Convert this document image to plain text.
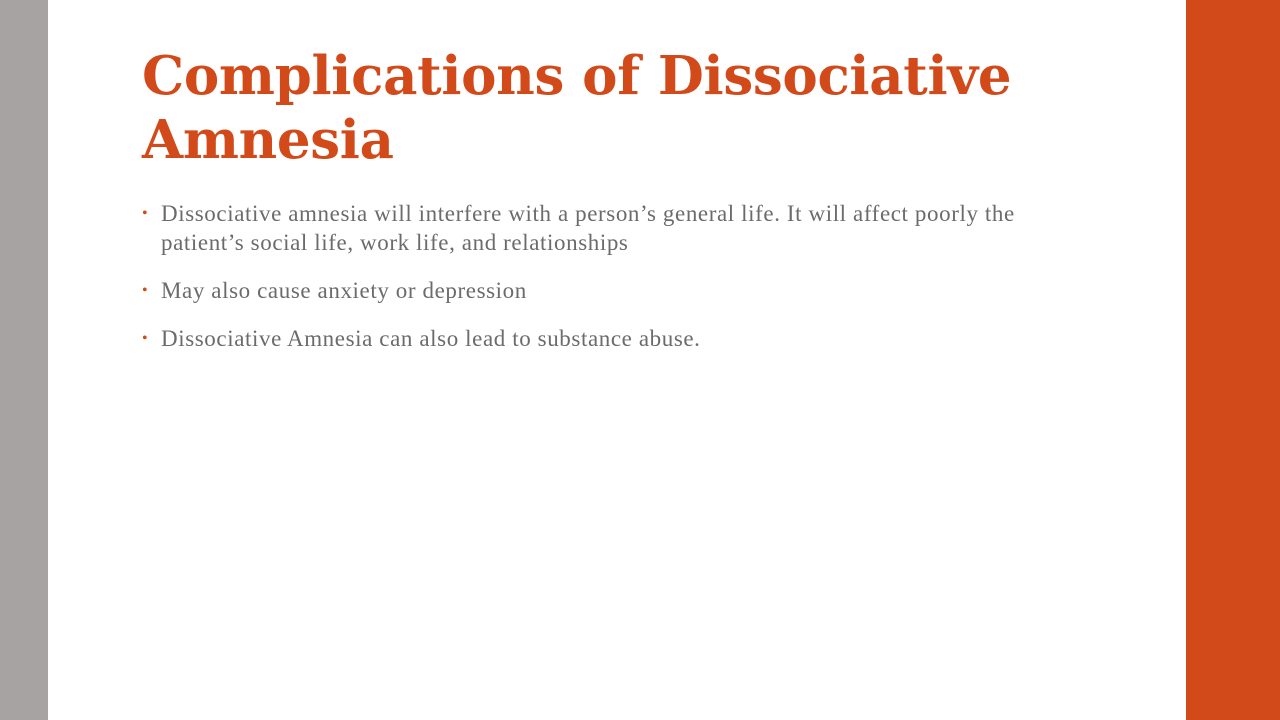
Complications of Dissociative Amnesia
• Dissociative amnesia will interfere with a person’s general life. It will affect poorly the patient’s social life, work life, and relationships
• May also cause anxiety or depression
• Dissociative Amnesia can also lead to substance abuse.
